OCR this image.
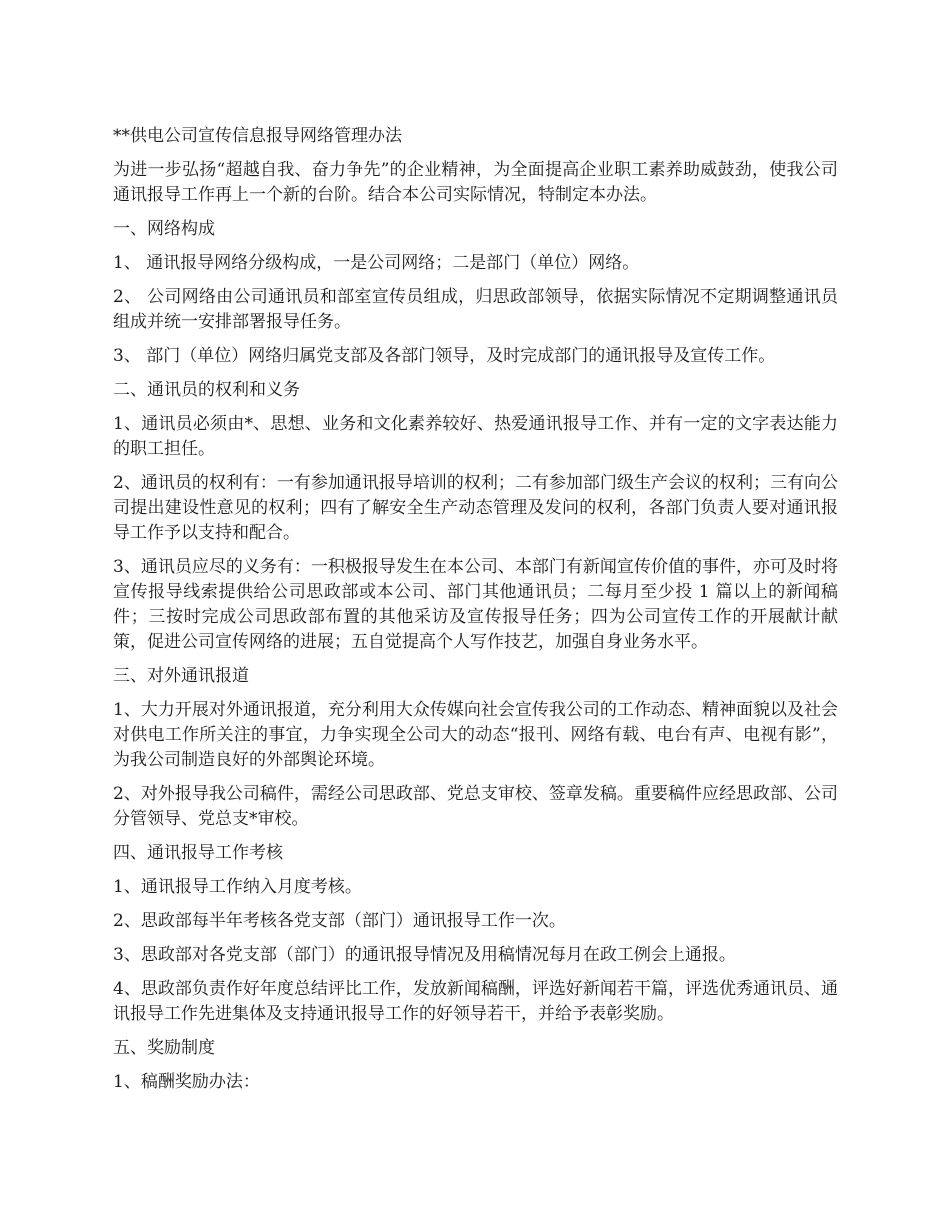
**供电公司宣传信息报导网络管理办法
为进一步弘扬“超越自我、奋力争先”的企业精神，为全面提高企业职工素养助威鼓劲，使我公司通讯报导工作再上一个新的台阶。结合本公司实际情况，特制定本办法。
一、网络构成
1、 通讯报导网络分级构成，一是公司网络；二是部门（单位）网络。
2、 公司网络由公司通讯员和部室宣传员组成，归思政部领导，依据实际情况不定期调整通讯员组成并统一安排部署报导任务。
3、 部门（单位）网络归属党支部及各部门领导，及时完成部门的通讯报导及宣传工作。
二、通讯员的权利和义务
1、通讯员必须由*、思想、业务和文化素养较好、热爱通讯报导工作、并有一定的文字表达能力的职工担任。
2、通讯员的权利有：一有参加通讯报导培训的权利；二有参加部门级生产会议的权利；三有向公司提出建设性意见的权利；四有了解安全生产动态管理及发问的权利，各部门负责人要对通讯报导工作予以支持和配合。
3、通讯员应尽的义务有：一积极报导发生在本公司、本部门有新闻宣传价值的事件，亦可及时将宣传报导线索提供给公司思政部或本公司、部门其他通讯员；二每月至少投 1 篇以上的新闻稿件；三按时完成公司思政部布置的其他采访及宣传报导任务；四为公司宣传工作的开展献计献策，促进公司宣传网络的进展；五自觉提高个人写作技艺，加强自身业务水平。
三、对外通讯报道
1、大力开展对外通讯报道，充分利用大众传媒向社会宣传我公司的工作动态、精神面貌以及社会对供电工作所关注的事宜，力争实现全公司大的动态“报刊、网络有载、电台有声、电视有影”，为我公司制造良好的外部舆论环境。
2、对外报导我公司稿件，需经公司思政部、党总支审校、签章发稿。重要稿件应经思政部、公司分管领导、党总支*审校。
四、通讯报导工作考核
1、通讯报导工作纳入月度考核。
2、思政部每半年考核各党支部（部门）通讯报导工作一次。
3、思政部对各党支部（部门）的通讯报导情况及用稿情况每月在政工例会上通报。
4、思政部负责作好年度总结评比工作，发放新闻稿酬，评选好新闻若干篇，评选优秀通讯员、通讯报导工作先进集体及支持通讯报导工作的好领导若干，并给予表彰奖励。
五、奖励制度
1、稿酬奖励办法：
